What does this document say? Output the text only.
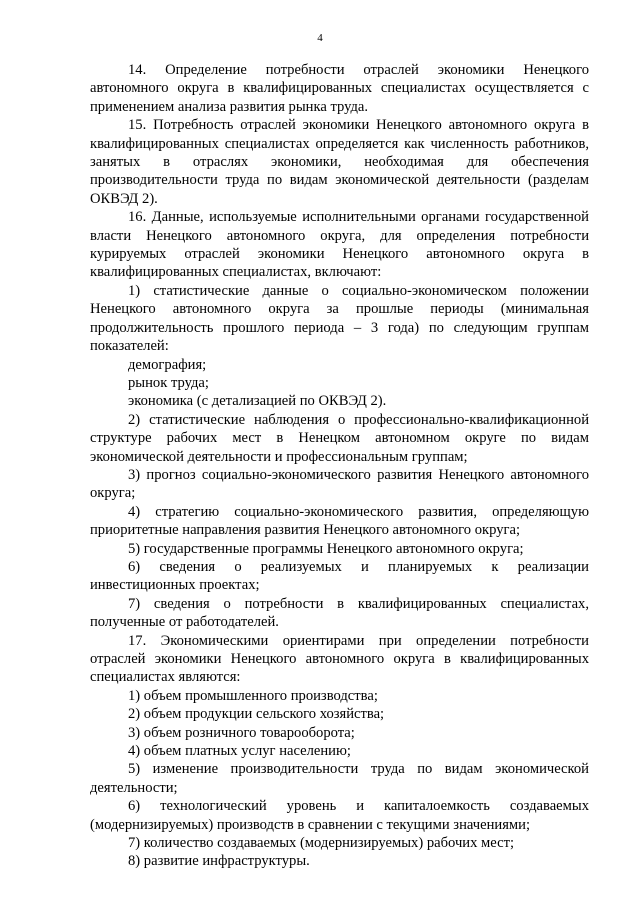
4

14. Определение потребности отраслей экономики Ненецкого автономного округа в квалифицированных специалистах осуществляется с применением анализа развития рынка труда.

15. Потребность отраслей экономики Ненецкого автономного округа в квалифицированных специалистах определяется как численность работников, занятых в отраслях экономики, необходимая для обеспечения производительности труда по видам экономической деятельности (разделам ОКВЭД 2).

16. Данные, используемые исполнительными органами государственной власти Ненецкого автономного округа, для определения потребности курируемых отраслей экономики Ненецкого автономного округа в квалифицированных специалистах, включают:

1) статистические данные о социально-экономическом положении Ненецкого автономного округа за прошлые периоды (минимальная продолжительность прошлого периода – 3 года) по следующим группам показателей:

демография;

рынок труда;

экономика (с детализацией по ОКВЭД 2).

2) статистические наблюдения о профессионально-квалификационной структуре рабочих мест в Ненецком автономном округе по видам экономической деятельности и профессиональным группам;

3) прогноз социально-экономического развития Ненецкого автономного округа;

4) стратегию социально-экономического развития, определяющую приоритетные направления развития Ненецкого автономного округа;

5) государственные программы Ненецкого автономного округа;

6) сведения о реализуемых и планируемых к реализации инвестиционных проектах;

7) сведения о потребности в квалифицированных специалистах, полученные от работодателей.

17. Экономическими ориентирами при определении потребности отраслей экономики Ненецкого автономного округа в квалифицированных специалистах являются:

1) объем промышленного производства;

2) объем продукции сельского хозяйства;

3) объем розничного товарооборота;

4) объем платных услуг населению;

5) изменение производительности труда по видам экономической деятельности;

6) технологический уровень и капиталоемкость создаваемых (модернизируемых) производств в сравнении с текущими значениями;

7) количество создаваемых (модернизируемых) рабочих мест;

8) развитие инфраструктуры.
